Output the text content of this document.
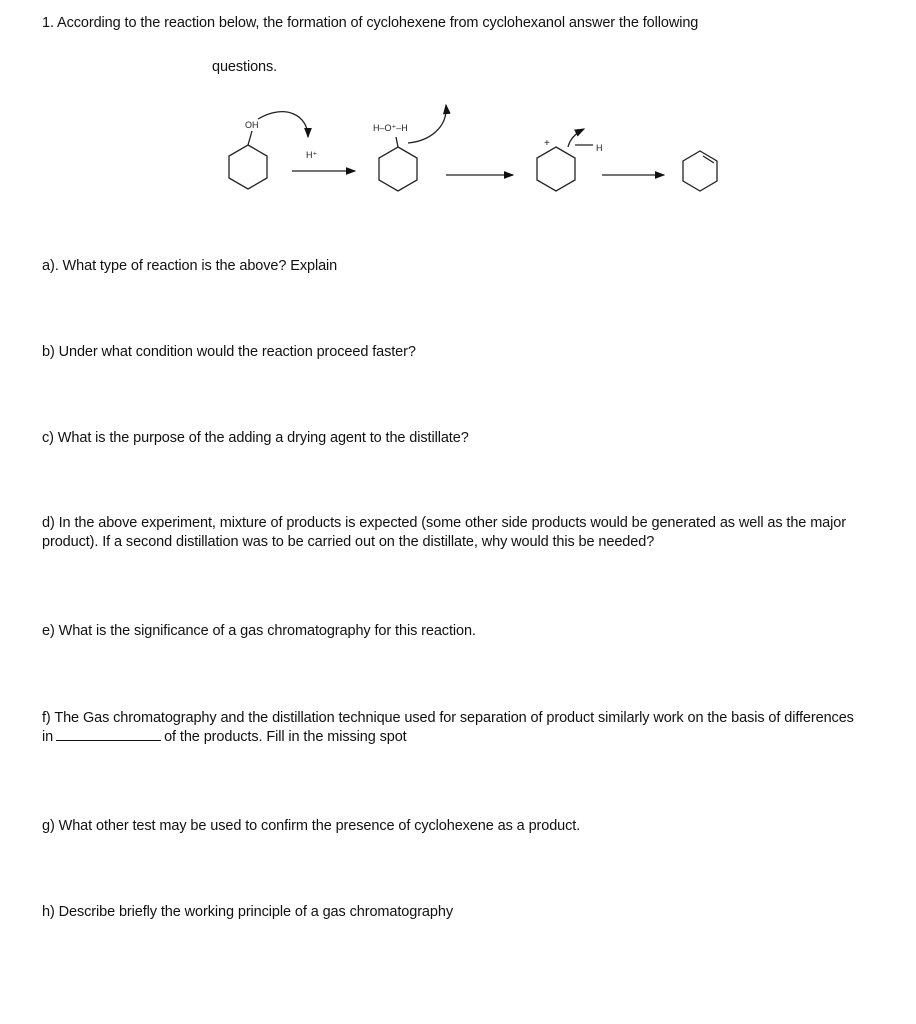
1. According to the reaction below, the formation of cyclohexene from cyclohexanol answer the following
questions.
OH
H⁺
H–O⁺–H
H
+
a). What type of reaction is the above? Explain
b) Under what condition would the reaction proceed faster?
c) What is the purpose of the adding a drying agent to the distillate?
d) In the above experiment, mixture of products is expected (some other side products would be generated as well as the major product). If a second distillation was to be carried out on the distillate, why would this be needed?
e) What is the significance of a gas chromatography for this reaction.
f) The Gas chromatography and the distillation technique used for separation of product similarly work on the basis of differences in	of the products. Fill in the missing spot
g) What other test may be used to confirm the presence of cyclohexene as a product.
h) Describe briefly the working principle of a gas chromatography
